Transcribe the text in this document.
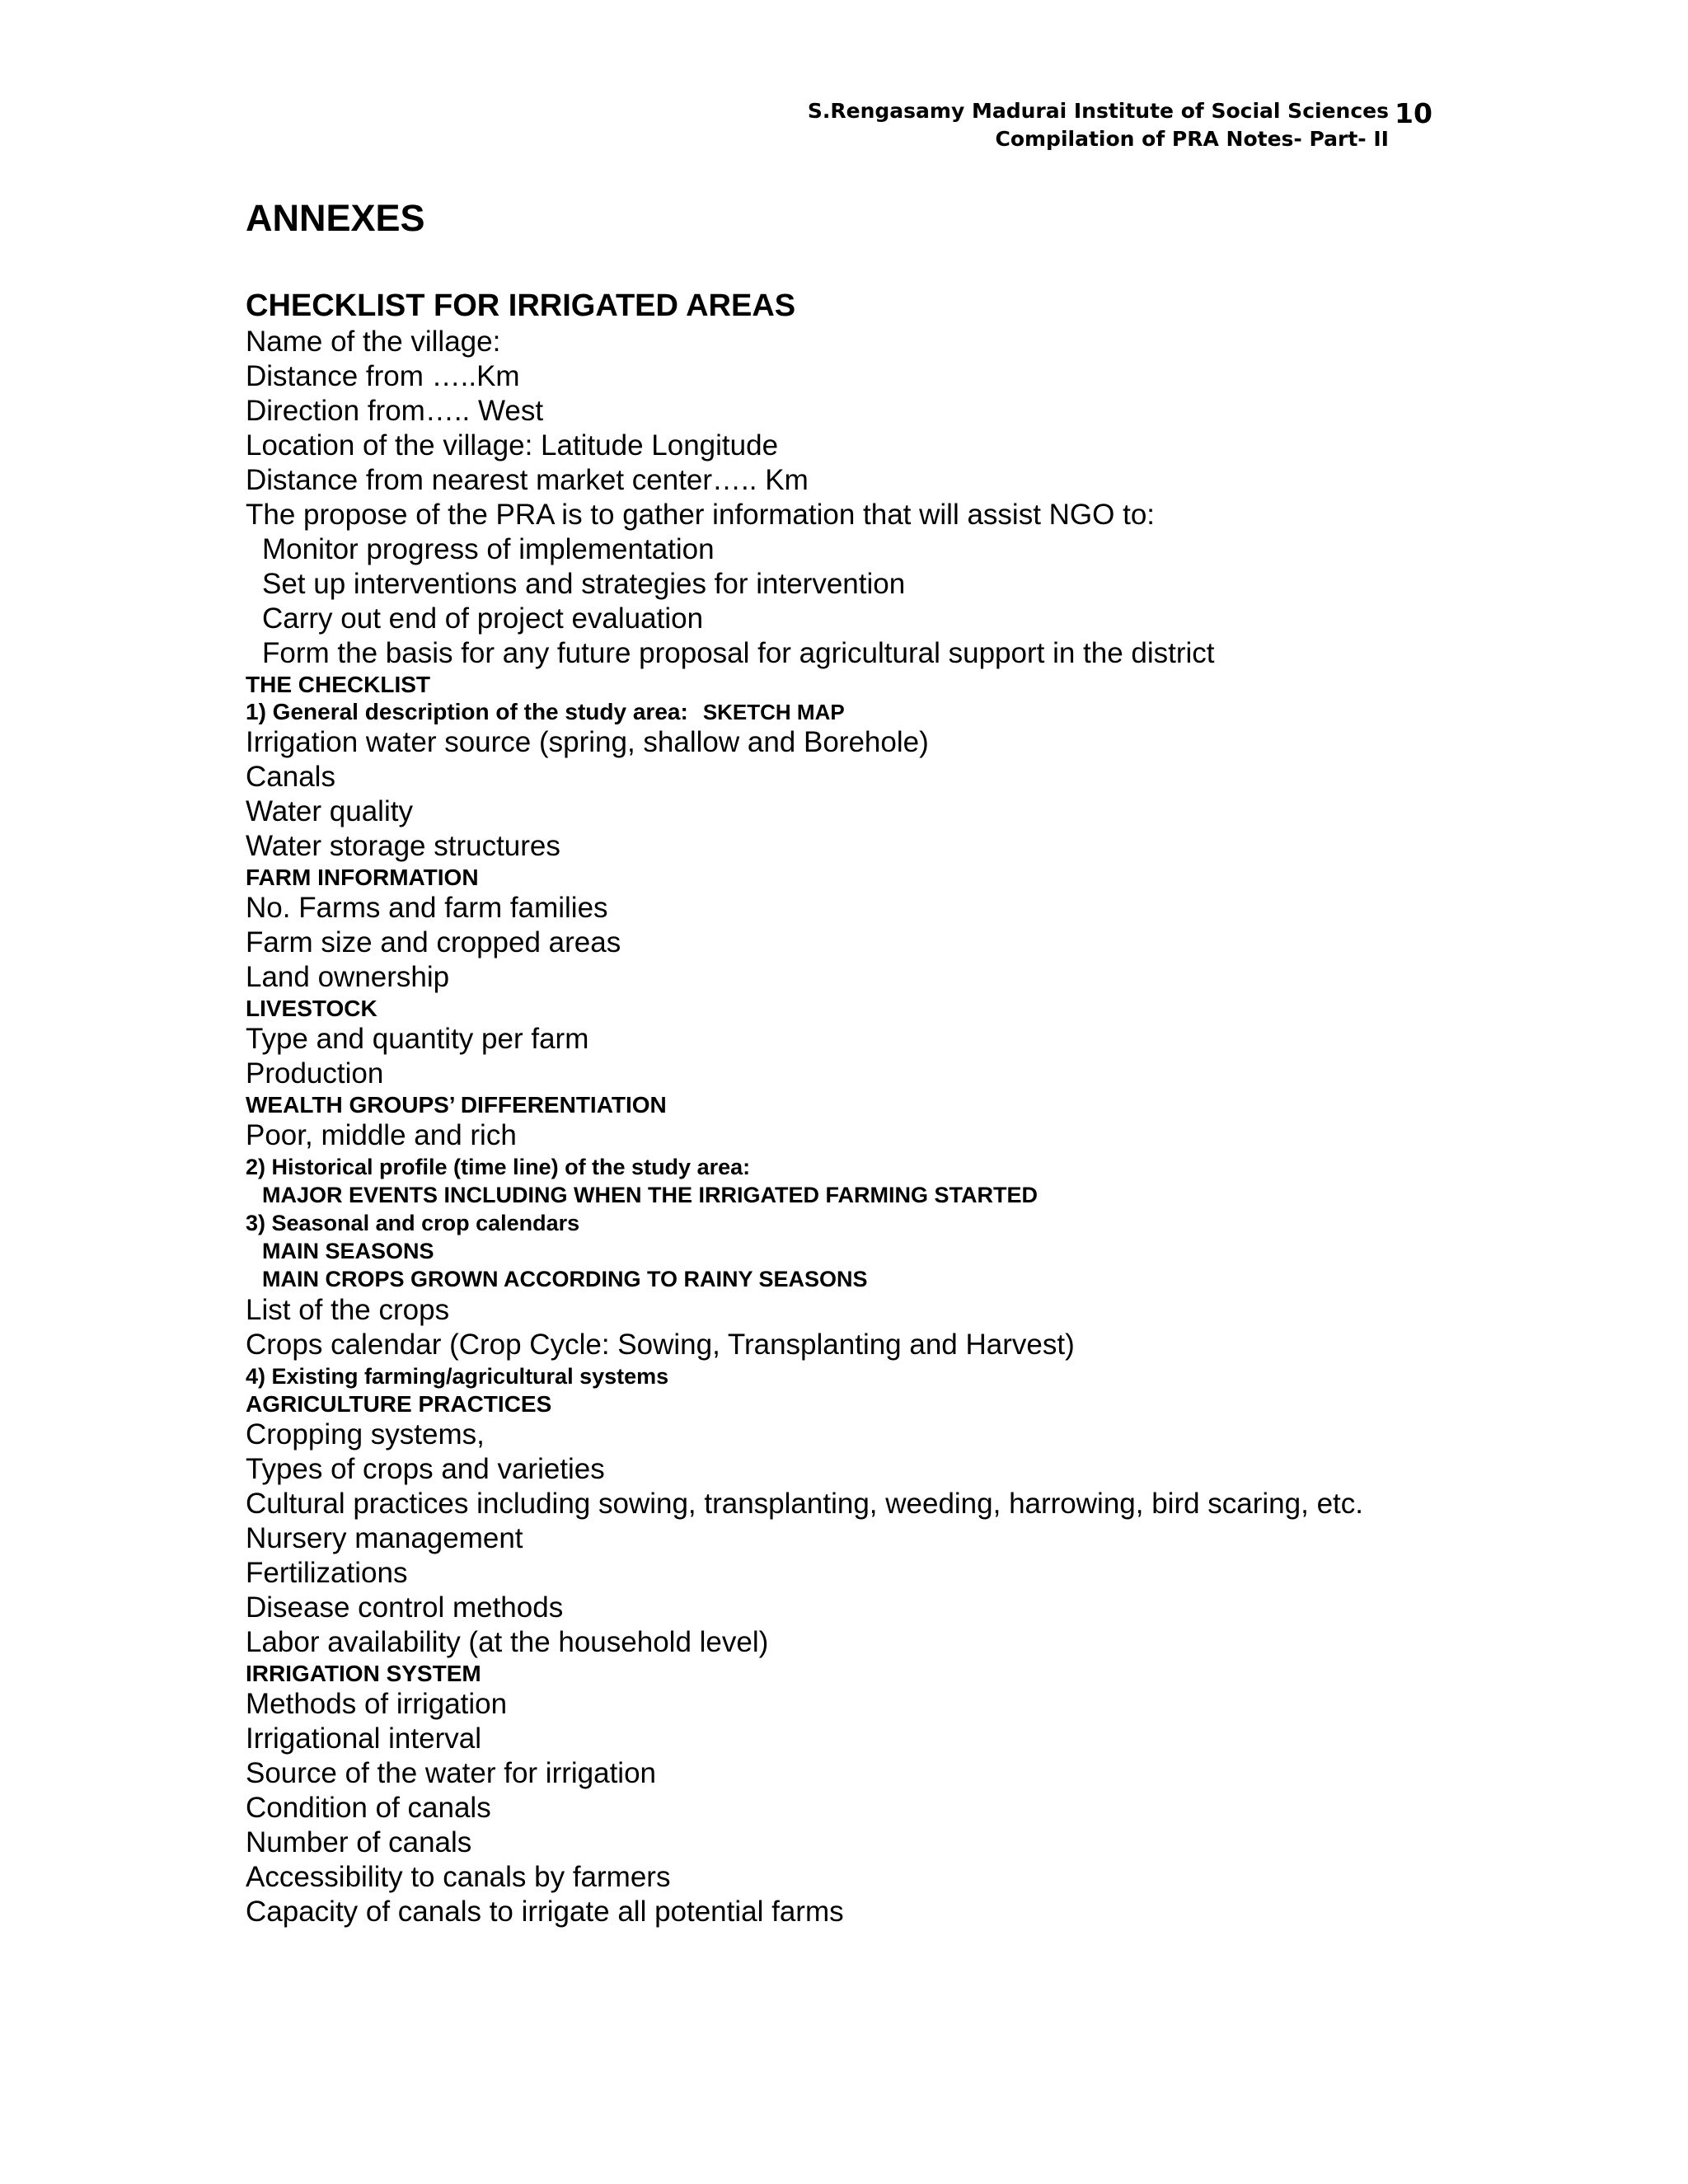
S.Rengasamy Madurai Institute of Social Sciences
Compilation of PRA Notes- Part- II
10
ANNEXES
CHECKLIST FOR IRRIGATED AREAS
Name of the village:
Distance from …..Km
Direction from….. West
Location of the village: Latitude Longitude
Distance from nearest market center….. Km
The propose of the PRA is to gather information that will assist NGO to:
Monitor progress of implementation
Set up interventions and strategies for intervention
Carry out end of project evaluation
Form the basis for any future proposal for agricultural support in the district
THE CHECKLIST
1) General description of the study area: SKETCH MAP
Irrigation water source (spring, shallow and Borehole)
Canals
Water quality
Water storage structures
FARM INFORMATION
No. Farms and farm families
Farm size and cropped areas
Land ownership
LIVESTOCK
Type and quantity per farm
Production
WEALTH GROUPS’ DIFFERENTIATION
Poor, middle and rich
2) Historical profile (time line) of the study area:
MAJOR EVENTS INCLUDING WHEN THE IRRIGATED FARMING STARTED
3) Seasonal and crop calendars
MAIN SEASONS
MAIN CROPS GROWN ACCORDING TO RAINY SEASONS
List of the crops
Crops calendar (Crop Cycle: Sowing, Transplanting and Harvest)
4) Existing farming/agricultural systems
AGRICULTURE PRACTICES
Cropping systems,
Types of crops and varieties
Cultural practices including sowing, transplanting, weeding, harrowing, bird scaring, etc.
Nursery management
Fertilizations
Disease control methods
Labor availability (at the household level)
IRRIGATION SYSTEM
Methods of irrigation
Irrigational interval
Source of the water for irrigation
Condition of canals
Number of canals
Accessibility to canals by farmers
Capacity of canals to irrigate all potential farms
